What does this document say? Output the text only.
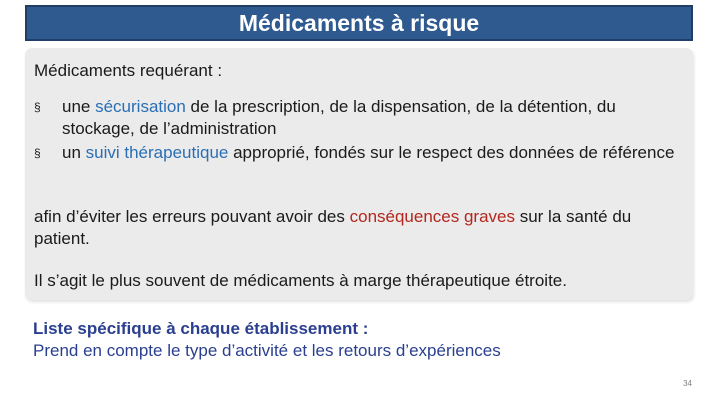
Médicaments à risque
Médicaments requérant :
§	une sécurisation de la prescription, de la dispensation, de la détention, du stockage, de l’administration
§	un suivi thérapeutique approprié, fondés sur le respect des données de référence
afin d’éviter les erreurs pouvant avoir des conséquences graves sur la santé du patient.
Il s’agit le plus souvent de médicaments à marge thérapeutique étroite.
Liste spécifique à chaque établissement :
Prend en compte le type d’activité et les retours d’expériences
34
